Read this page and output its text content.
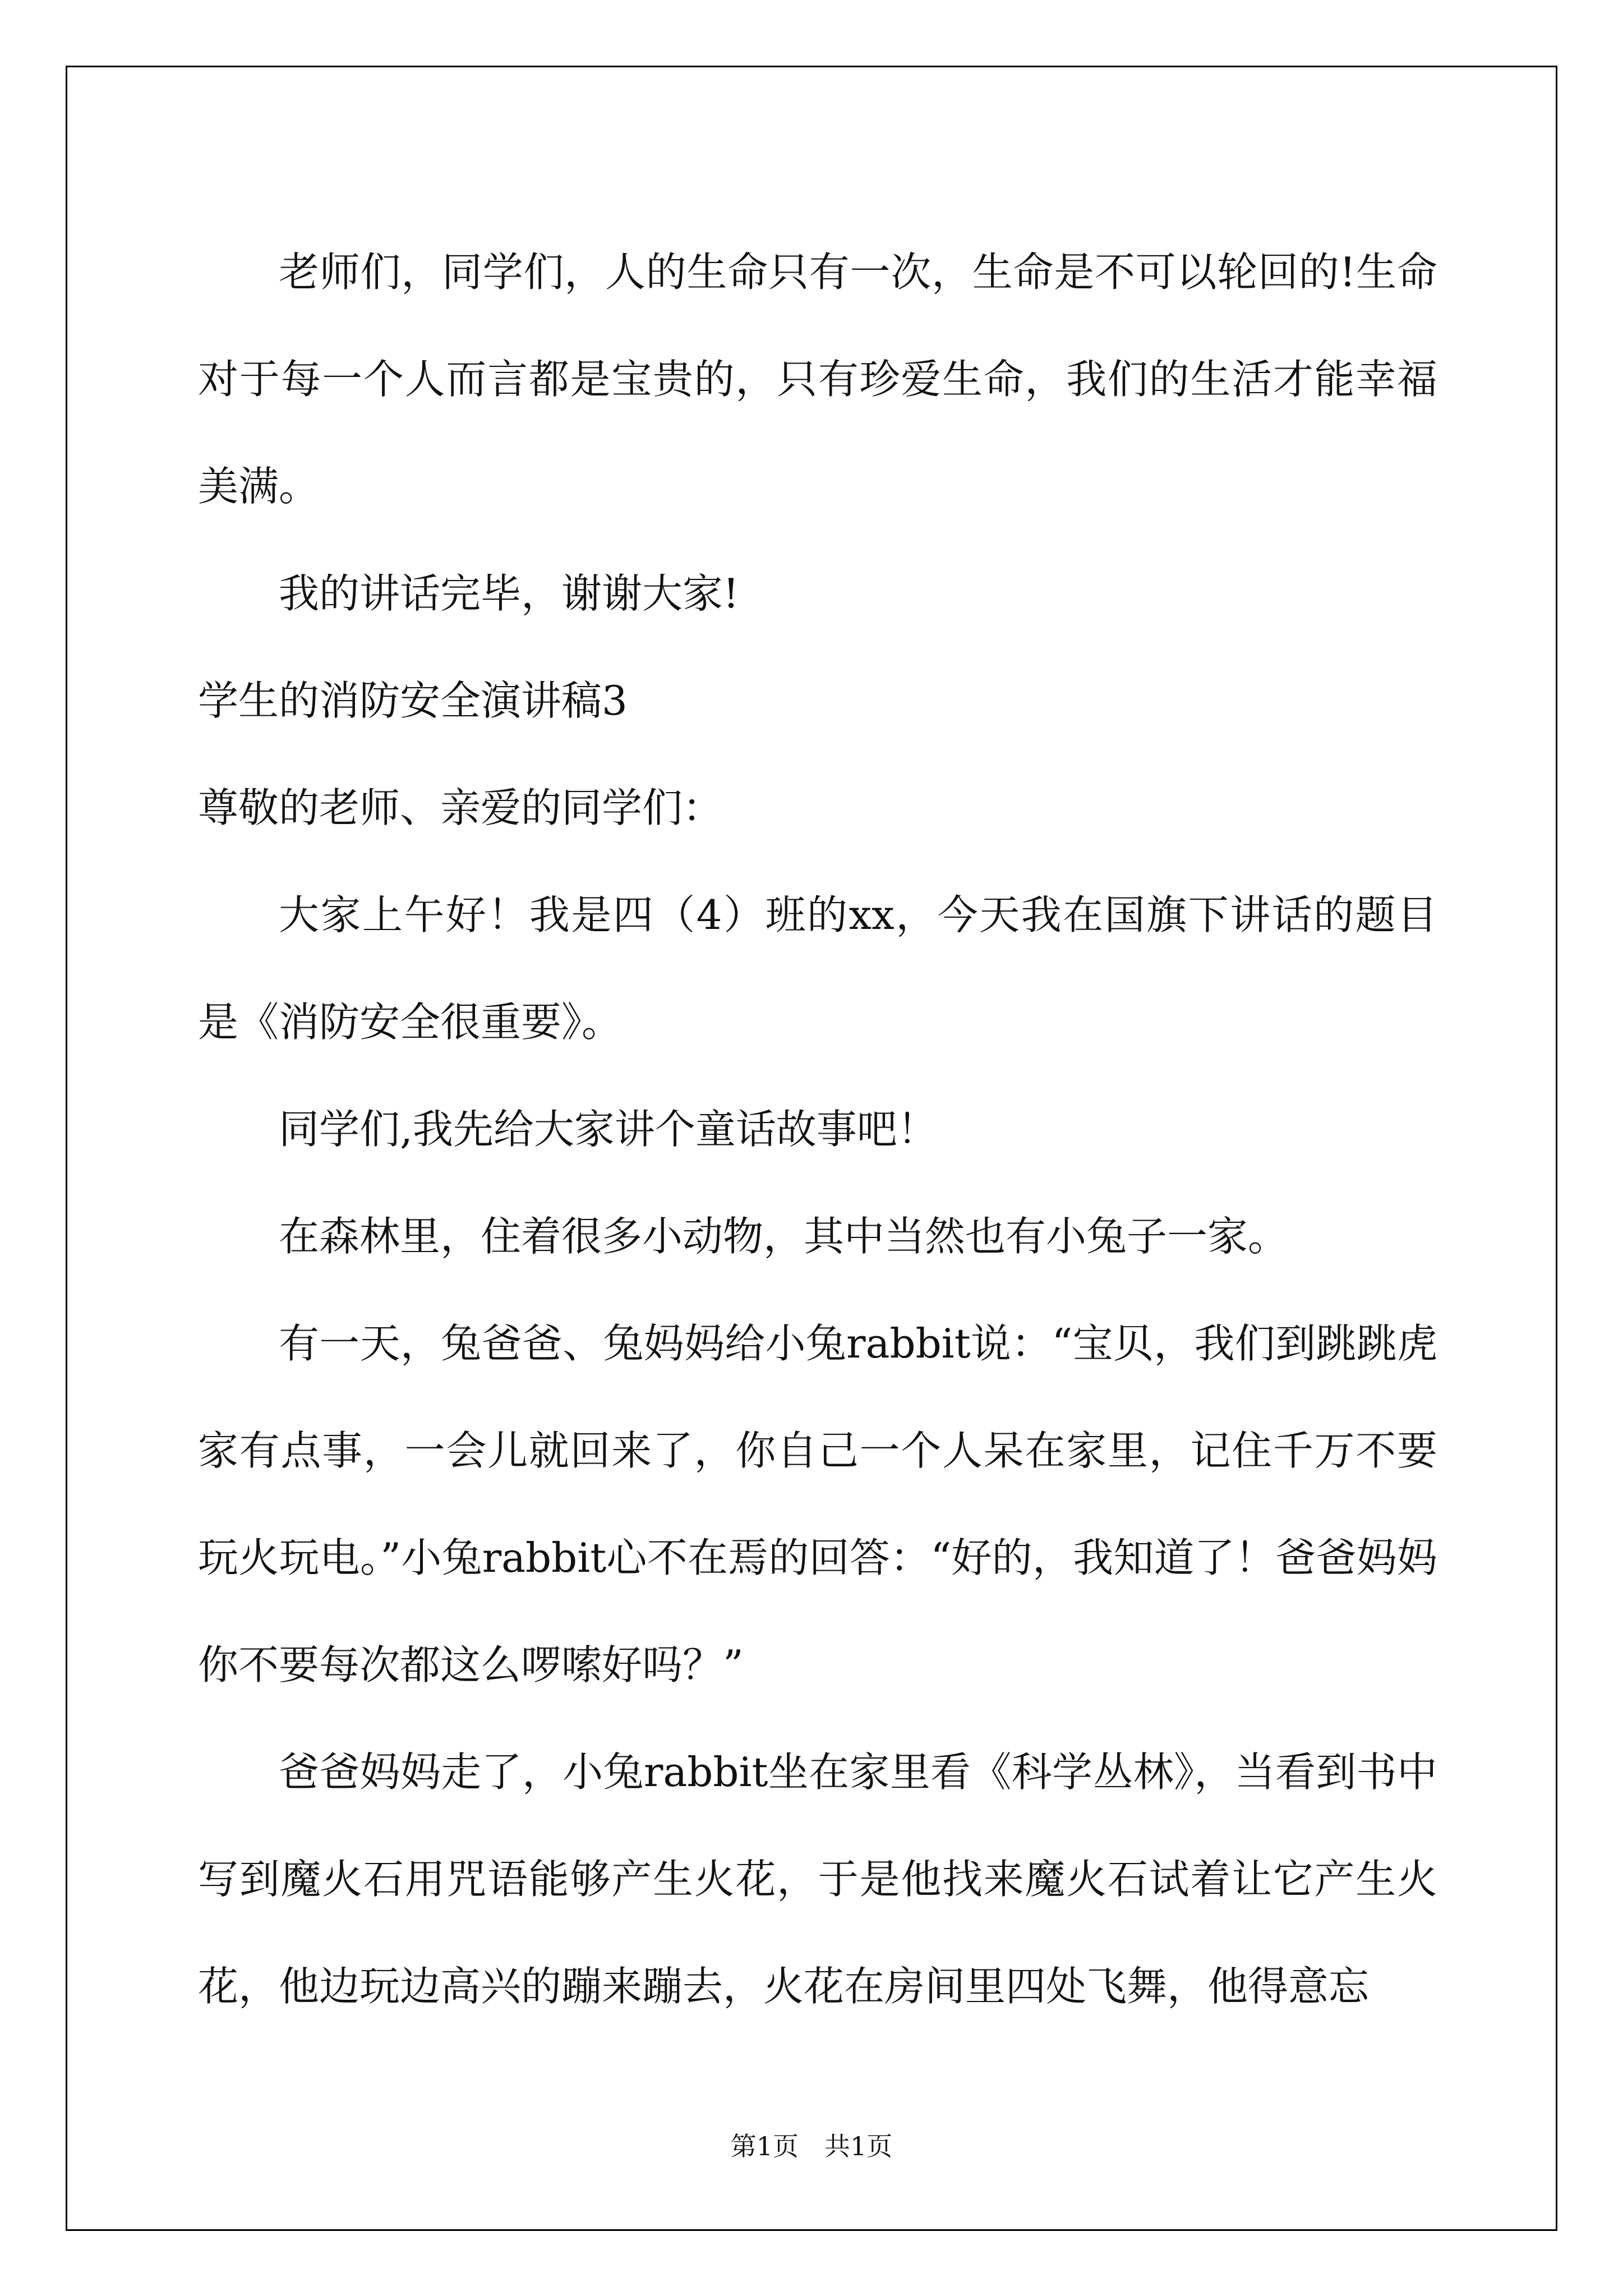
老师们，同学们，人的生命只有一次，生命是不可以轮回的!生命对于每一个人而言都是宝贵的，只有珍爱生命，我们的生活才能幸福美满。

我的讲话完毕，谢谢大家!

学生的消防安全演讲稿3

尊敬的老师、亲爱的同学们：

大家上午好！我是四（4）班的xx，今天我在国旗下讲话的题目是《消防安全很重要》。

同学们,我先给大家讲个童话故事吧！

在森林里，住着很多小动物，其中当然也有小兔子一家。

有一天，兔爸爸、兔妈妈给小兔rabbit说：“宝贝，我们到跳跳虎家有点事，一会儿就回来了，你自己一个人呆在家里，记住千万不要玩火玩电。”小兔rabbit心不在焉的回答：“好的，我知道了！爸爸妈妈你不要每次都这么啰嗦好吗？”

爸爸妈妈走了，小兔rabbit坐在家里看《科学丛林》，当看到书中写到魔火石用咒语能够产生火花，于是他找来魔火石试着让它产生火花，他边玩边高兴的蹦来蹦去，火花在房间里四处飞舞，他得意忘

第1页　共1页
